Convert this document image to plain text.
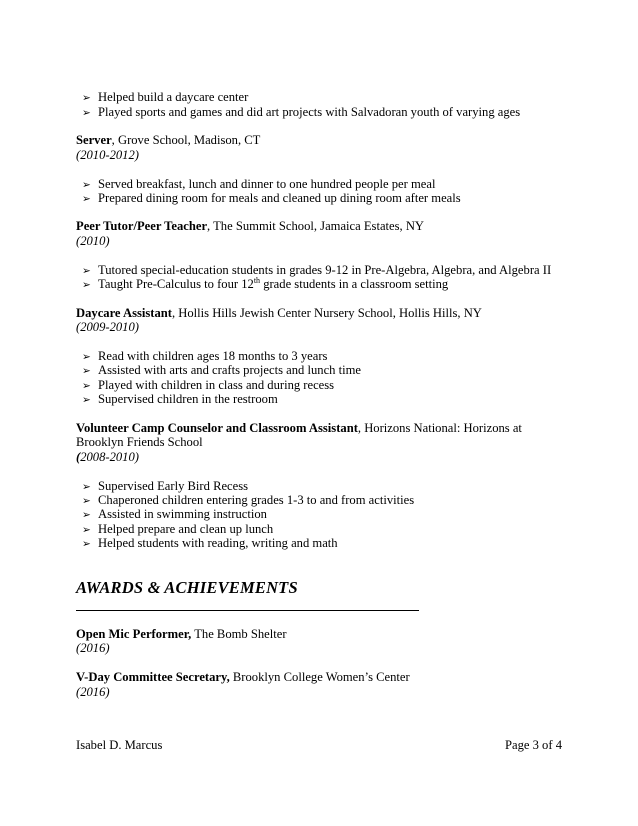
➢ Helped build a daycare center
➢ Played sports and games and did art projects with Salvadoran youth of varying ages
Server, Grove School, Madison, CT
(2010-2012)
➢ Served breakfast, lunch and dinner to one hundred people per meal
➢ Prepared dining room for meals and cleaned up dining room after meals
Peer Tutor/Peer Teacher, The Summit School, Jamaica Estates, NY
(2010)
➢ Tutored special-education students in grades 9-12 in Pre-Algebra, Algebra, and Algebra II
➢ Taught Pre-Calculus to four 12th grade students in a classroom setting
Daycare Assistant, Hollis Hills Jewish Center Nursery School, Hollis Hills, NY
(2009-2010)
➢ Read with children ages 18 months to 3 years
➢ Assisted with arts and crafts projects and lunch time
➢ Played with children in class and during recess
➢ Supervised children in the restroom
Volunteer Camp Counselor and Classroom Assistant, Horizons National: Horizons at
Brooklyn Friends School
(2008-2010)
➢ Supervised Early Bird Recess
➢ Chaperoned children entering grades 1-3 to and from activities
➢ Assisted in swimming instruction
➢ Helped prepare and clean up lunch
➢ Helped students with reading, writing and math
AWARDS & ACHIEVEMENTS
Open Mic Performer, The Bomb Shelter
(2016)
V-Day Committee Secretary, Brooklyn College Women’s Center
(2016)
Isabel D. Marcus	Page 3 of 4
